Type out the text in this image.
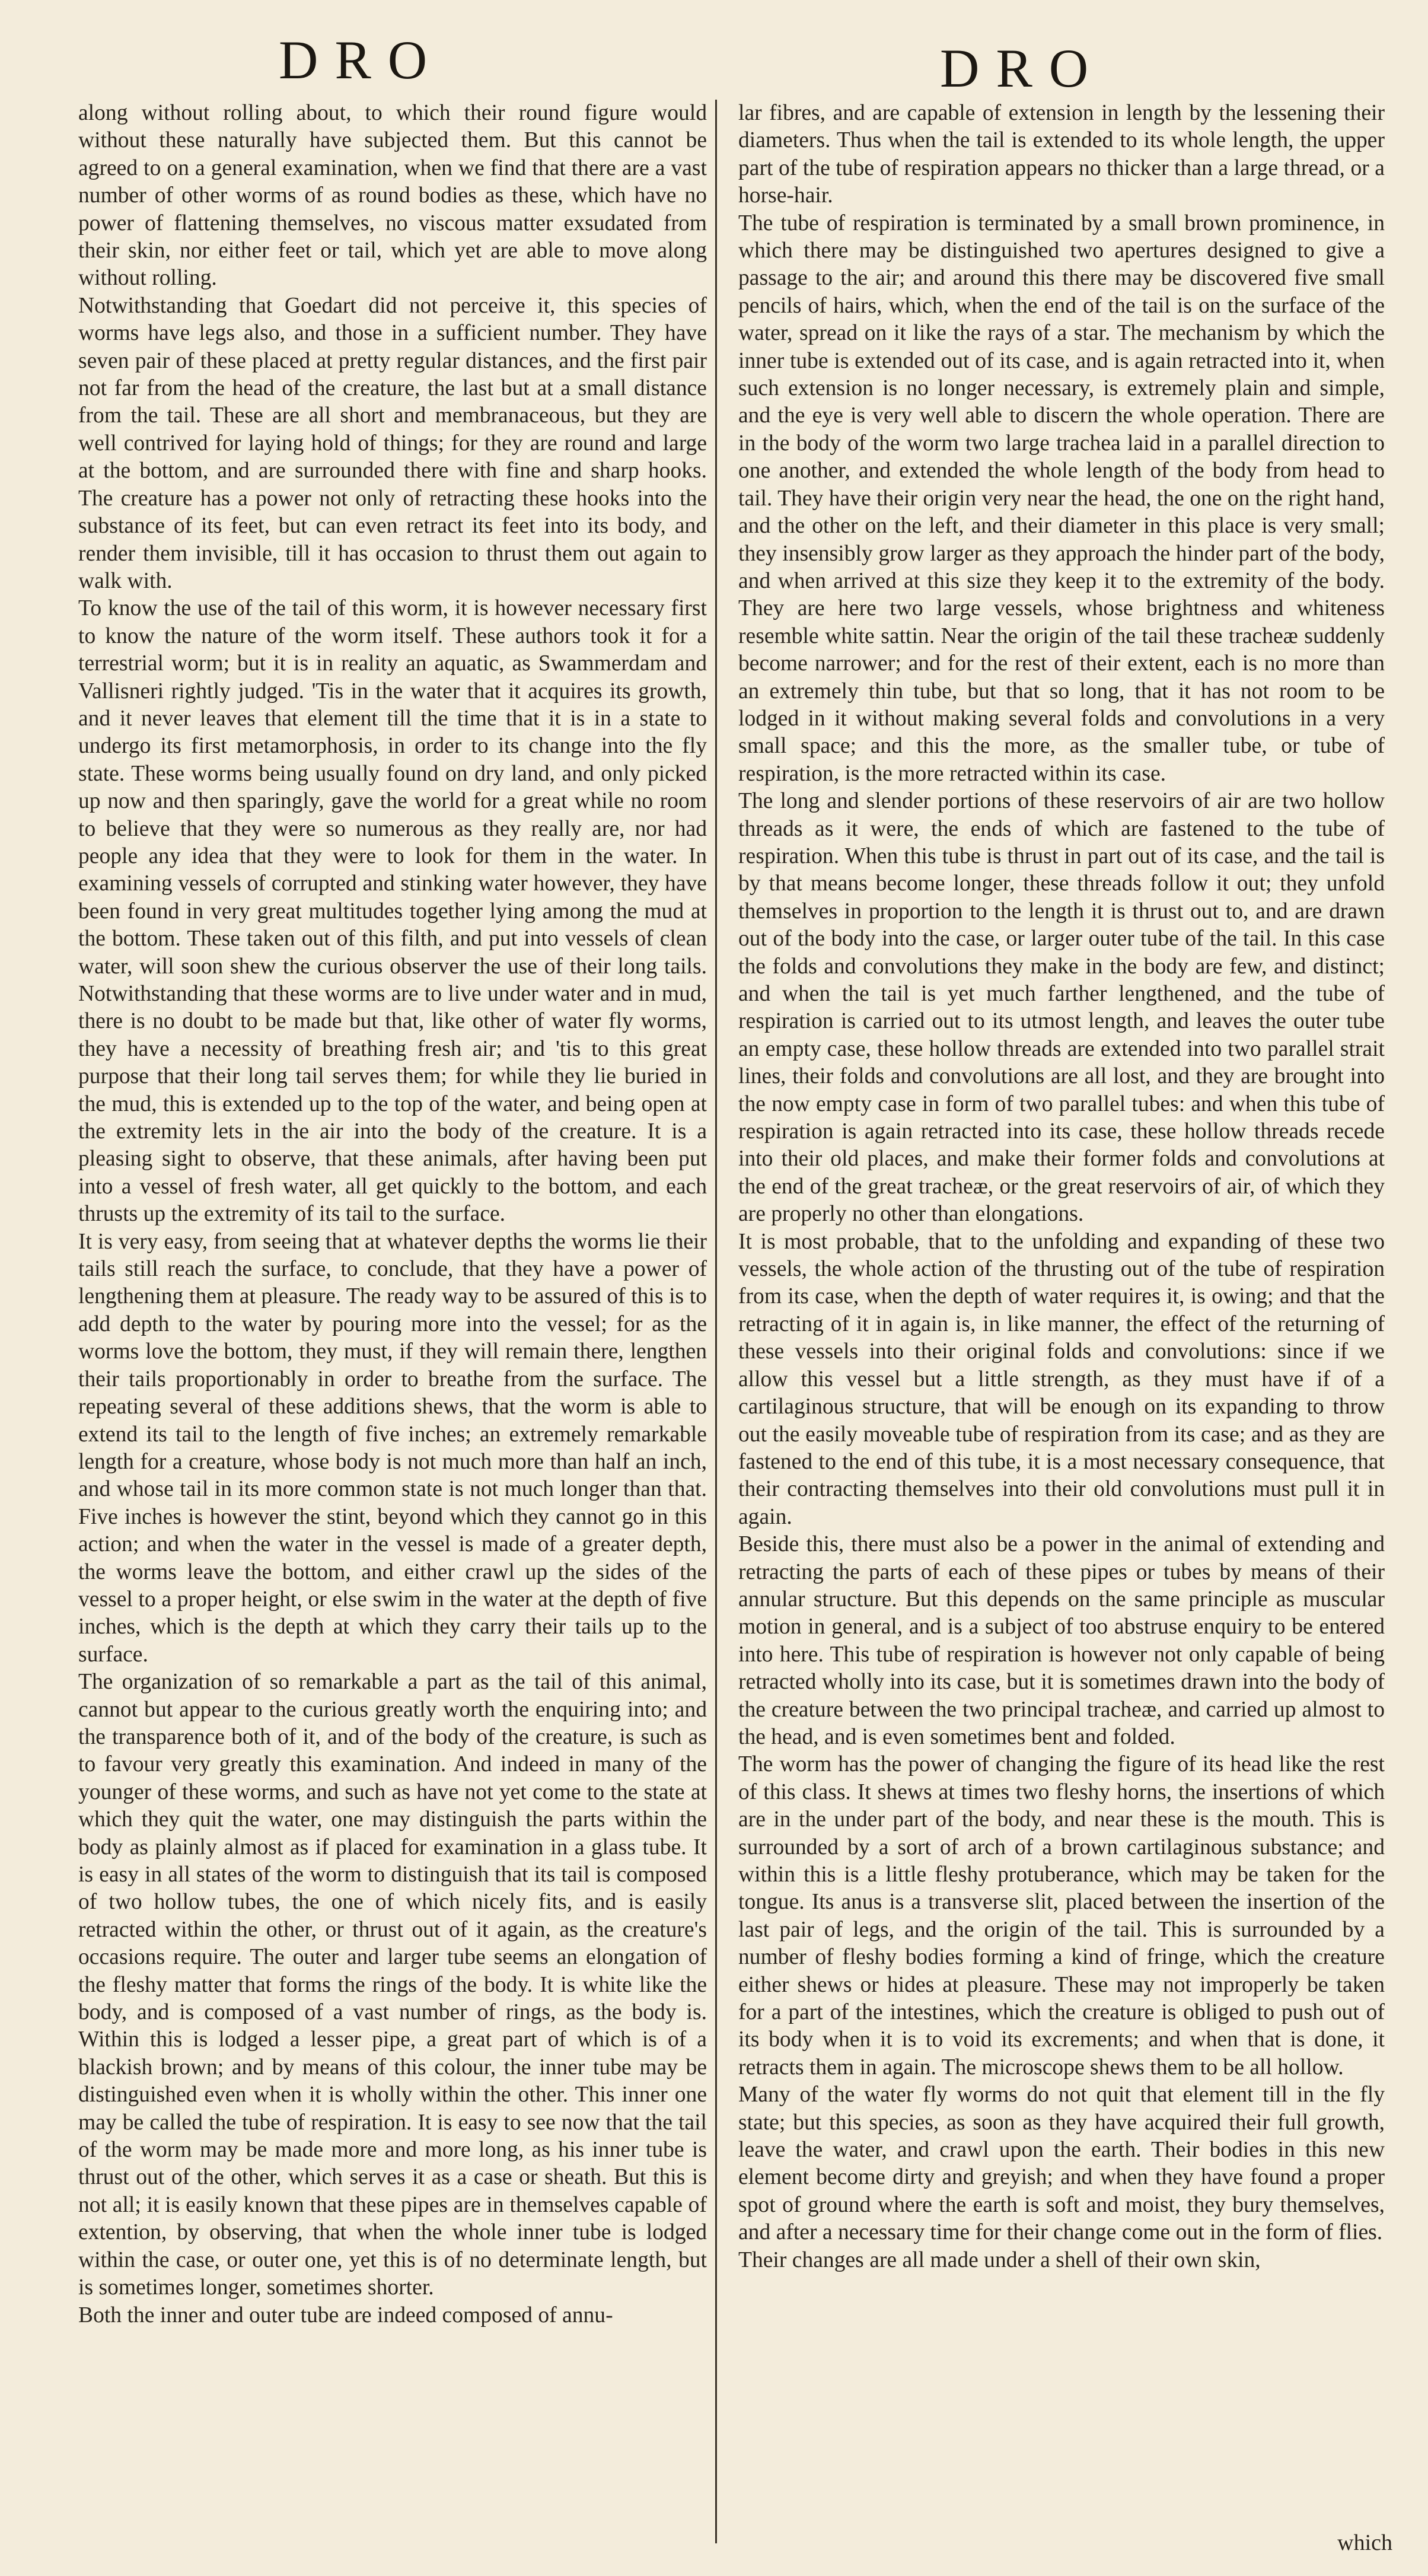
DRO	DRO

along without rolling about, to which their round figure would without these naturally have subjected them. But this cannot be agreed to on a general examination, when we find that there are a vast number of other worms of as round bodies as these, which have no power of flattening themselves, no viscous matter exsudated from their skin, nor either feet or tail, which yet are able to move along without rolling.

Notwithstanding that Goedart did not perceive it, this species of worms have legs also, and those in a sufficient number. They have seven pair of these placed at pretty regular distances, and the first pair not far from the head of the creature, the last but at a small distance from the tail. These are all short and membranaceous, but they are well contrived for laying hold of things; for they are round and large at the bottom, and are surrounded there with fine and sharp hooks. The creature has a power not only of retracting these hooks into the substance of its feet, but can even retract its feet into its body, and render them invisible, till it has occasion to thrust them out again to walk with.

To know the use of the tail of this worm, it is however necessary first to know the nature of the worm itself. These authors took it for a terrestrial worm; but it is in reality an aquatic, as Swammerdam and Vallisneri rightly judged. 'Tis in the water that it acquires its growth, and it never leaves that element till the time that it is in a state to undergo its first metamorphosis, in order to its change into the fly state. These worms being usually found on dry land, and only picked up now and then sparingly, gave the world for a great while no room to believe that they were so numerous as they really are, nor had people any idea that they were to look for them in the water. In examining vessels of corrupted and stinking water however, they have been found in very great multitudes together lying among the mud at the bottom. These taken out of this filth, and put into vessels of clean water, will soon shew the curious observer the use of their long tails. Notwithstanding that these worms are to live under water and in mud, there is no doubt to be made but that, like other of water fly worms, they have a necessity of breathing fresh air; and 'tis to this great purpose that their long tail serves them; for while they lie buried in the mud, this is extended up to the top of the water, and being open at the extremity lets in the air into the body of the creature. It is a pleasing sight to observe, that these animals, after having been put into a vessel of fresh water, all get quickly to the bottom, and each thrusts up the extremity of its tail to the surface.

It is very easy, from seeing that at whatever depths the worms lie their tails still reach the surface, to conclude, that they have a power of lengthening them at pleasure. The ready way to be assured of this is to add depth to the water by pouring more into the vessel; for as the worms love the bottom, they must, if they will remain there, lengthen their tails proportionably in order to breathe from the surface. The repeating several of these additions shews, that the worm is able to extend its tail to the length of five inches; an extremely remarkable length for a creature, whose body is not much more than half an inch, and whose tail in its more common state is not much longer than that. Five inches is however the stint, beyond which they cannot go in this action; and when the water in the vessel is made of a greater depth, the worms leave the bottom, and either crawl up the sides of the vessel to a proper height, or else swim in the water at the depth of five inches, which is the depth at which they carry their tails up to the surface.

The organization of so remarkable a part as the tail of this animal, cannot but appear to the curious greatly worth the enquiring into; and the transparence both of it, and of the body of the creature, is such as to favour very greatly this examination. And indeed in many of the younger of these worms, and such as have not yet come to the state at which they quit the water, one may distinguish the parts within the body as plainly almost as if placed for examination in a glass tube. It is easy in all states of the worm to distinguish that its tail is composed of two hollow tubes, the one of which nicely fits, and is easily retracted within the other, or thrust out of it again, as the creature's occasions require. The outer and larger tube seems an elongation of the fleshy matter that forms the rings of the body. It is white like the body, and is composed of a vast number of rings, as the body is. Within this is lodged a lesser pipe, a great part of which is of a blackish brown; and by means of this colour, the inner tube may be distinguished even when it is wholly within the other. This inner one may be called the tube of respiration. It is easy to see now that the tail of the worm may be made more and more long, as his inner tube is thrust out of the other, which serves it as a case or sheath. But this is not all; it is easily known that these pipes are in themselves capable of extention, by observing, that when the whole inner tube is lodged within the case, or outer one, yet this is of no determinate length, but is sometimes longer, sometimes shorter.

Both the inner and outer tube are indeed composed of annu-

lar fibres, and are capable of extension in length by the lessening their diameters. Thus when the tail is extended to its whole length, the upper part of the tube of respiration appears no thicker than a large thread, or a horse-hair.

The tube of respiration is terminated by a small brown prominence, in which there may be distinguished two apertures designed to give a passage to the air; and around this there may be discovered five small pencils of hairs, which, when the end of the tail is on the surface of the water, spread on it like the rays of a star. The mechanism by which the inner tube is extended out of its case, and is again retracted into it, when such extension is no longer necessary, is extremely plain and simple, and the eye is very well able to discern the whole operation. There are in the body of the worm two large trachea laid in a parallel direction to one another, and extended the whole length of the body from head to tail. They have their origin very near the head, the one on the right hand, and the other on the left, and their diameter in this place is very small; they insensibly grow larger as they approach the hinder part of the body, and when arrived at this size they keep it to the extremity of the body. They are here two large vessels, whose brightness and whiteness resemble white sattin. Near the origin of the tail these tracheæ suddenly become narrower; and for the rest of their extent, each is no more than an extremely thin tube, but that so long, that it has not room to be lodged in it without making several folds and convolutions in a very small space; and this the more, as the smaller tube, or tube of respiration, is the more retracted within its case.

The long and slender portions of these reservoirs of air are two hollow threads as it were, the ends of which are fastened to the tube of respiration. When this tube is thrust in part out of its case, and the tail is by that means become longer, these threads follow it out; they unfold themselves in proportion to the length it is thrust out to, and are drawn out of the body into the case, or larger outer tube of the tail. In this case the folds and convolutions they make in the body are few, and distinct; and when the tail is yet much farther lengthened, and the tube of respiration is carried out to its utmost length, and leaves the outer tube an empty case, these hollow threads are extended into two parallel strait lines, their folds and convolutions are all lost, and they are brought into the now empty case in form of two parallel tubes: and when this tube of respiration is again retracted into its case, these hollow threads recede into their old places, and make their former folds and convolutions at the end of the great tracheæ, or the great reservoirs of air, of which they are properly no other than elongations.

It is most probable, that to the unfolding and expanding of these two vessels, the whole action of the thrusting out of the tube of respiration from its case, when the depth of water requires it, is owing; and that the retracting of it in again is, in like manner, the effect of the returning of these vessels into their original folds and convolutions: since if we allow this vessel but a little strength, as they must have if of a cartilaginous structure, that will be enough on its expanding to throw out the easily moveable tube of respiration from its case; and as they are fastened to the end of this tube, it is a most necessary consequence, that their contracting themselves into their old convolutions must pull it in again.

Beside this, there must also be a power in the animal of extending and retracting the parts of each of these pipes or tubes by means of their annular structure. But this depends on the same principle as muscular motion in general, and is a subject of too abstruse enquiry to be entered into here. This tube of respiration is however not only capable of being retracted wholly into its case, but it is sometimes drawn into the body of the creature between the two principal tracheæ, and carried up almost to the head, and is even sometimes bent and folded.

The worm has the power of changing the figure of its head like the rest of this class. It shews at times two fleshy horns, the insertions of which are in the under part of the body, and near these is the mouth. This is surrounded by a sort of arch of a brown cartilaginous substance; and within this is a little fleshy protuberance, which may be taken for the tongue. Its anus is a transverse slit, placed between the insertion of the last pair of legs, and the origin of the tail. This is surrounded by a number of fleshy bodies forming a kind of fringe, which the creature either shews or hides at pleasure. These may not improperly be taken for a part of the intestines, which the creature is obliged to push out of its body when it is to void its excrements; and when that is done, it retracts them in again. The microscope shews them to be all hollow.

Many of the water fly worms do not quit that element till in the fly state; but this species, as soon as they have acquired their full growth, leave the water, and crawl upon the earth. Their bodies in this new element become dirty and greyish; and when they have found a proper spot of ground where the earth is soft and moist, they bury themselves, and after a necessary time for their change come out in the form of flies.

Their changes are all made under a shell of their own skin,

which
